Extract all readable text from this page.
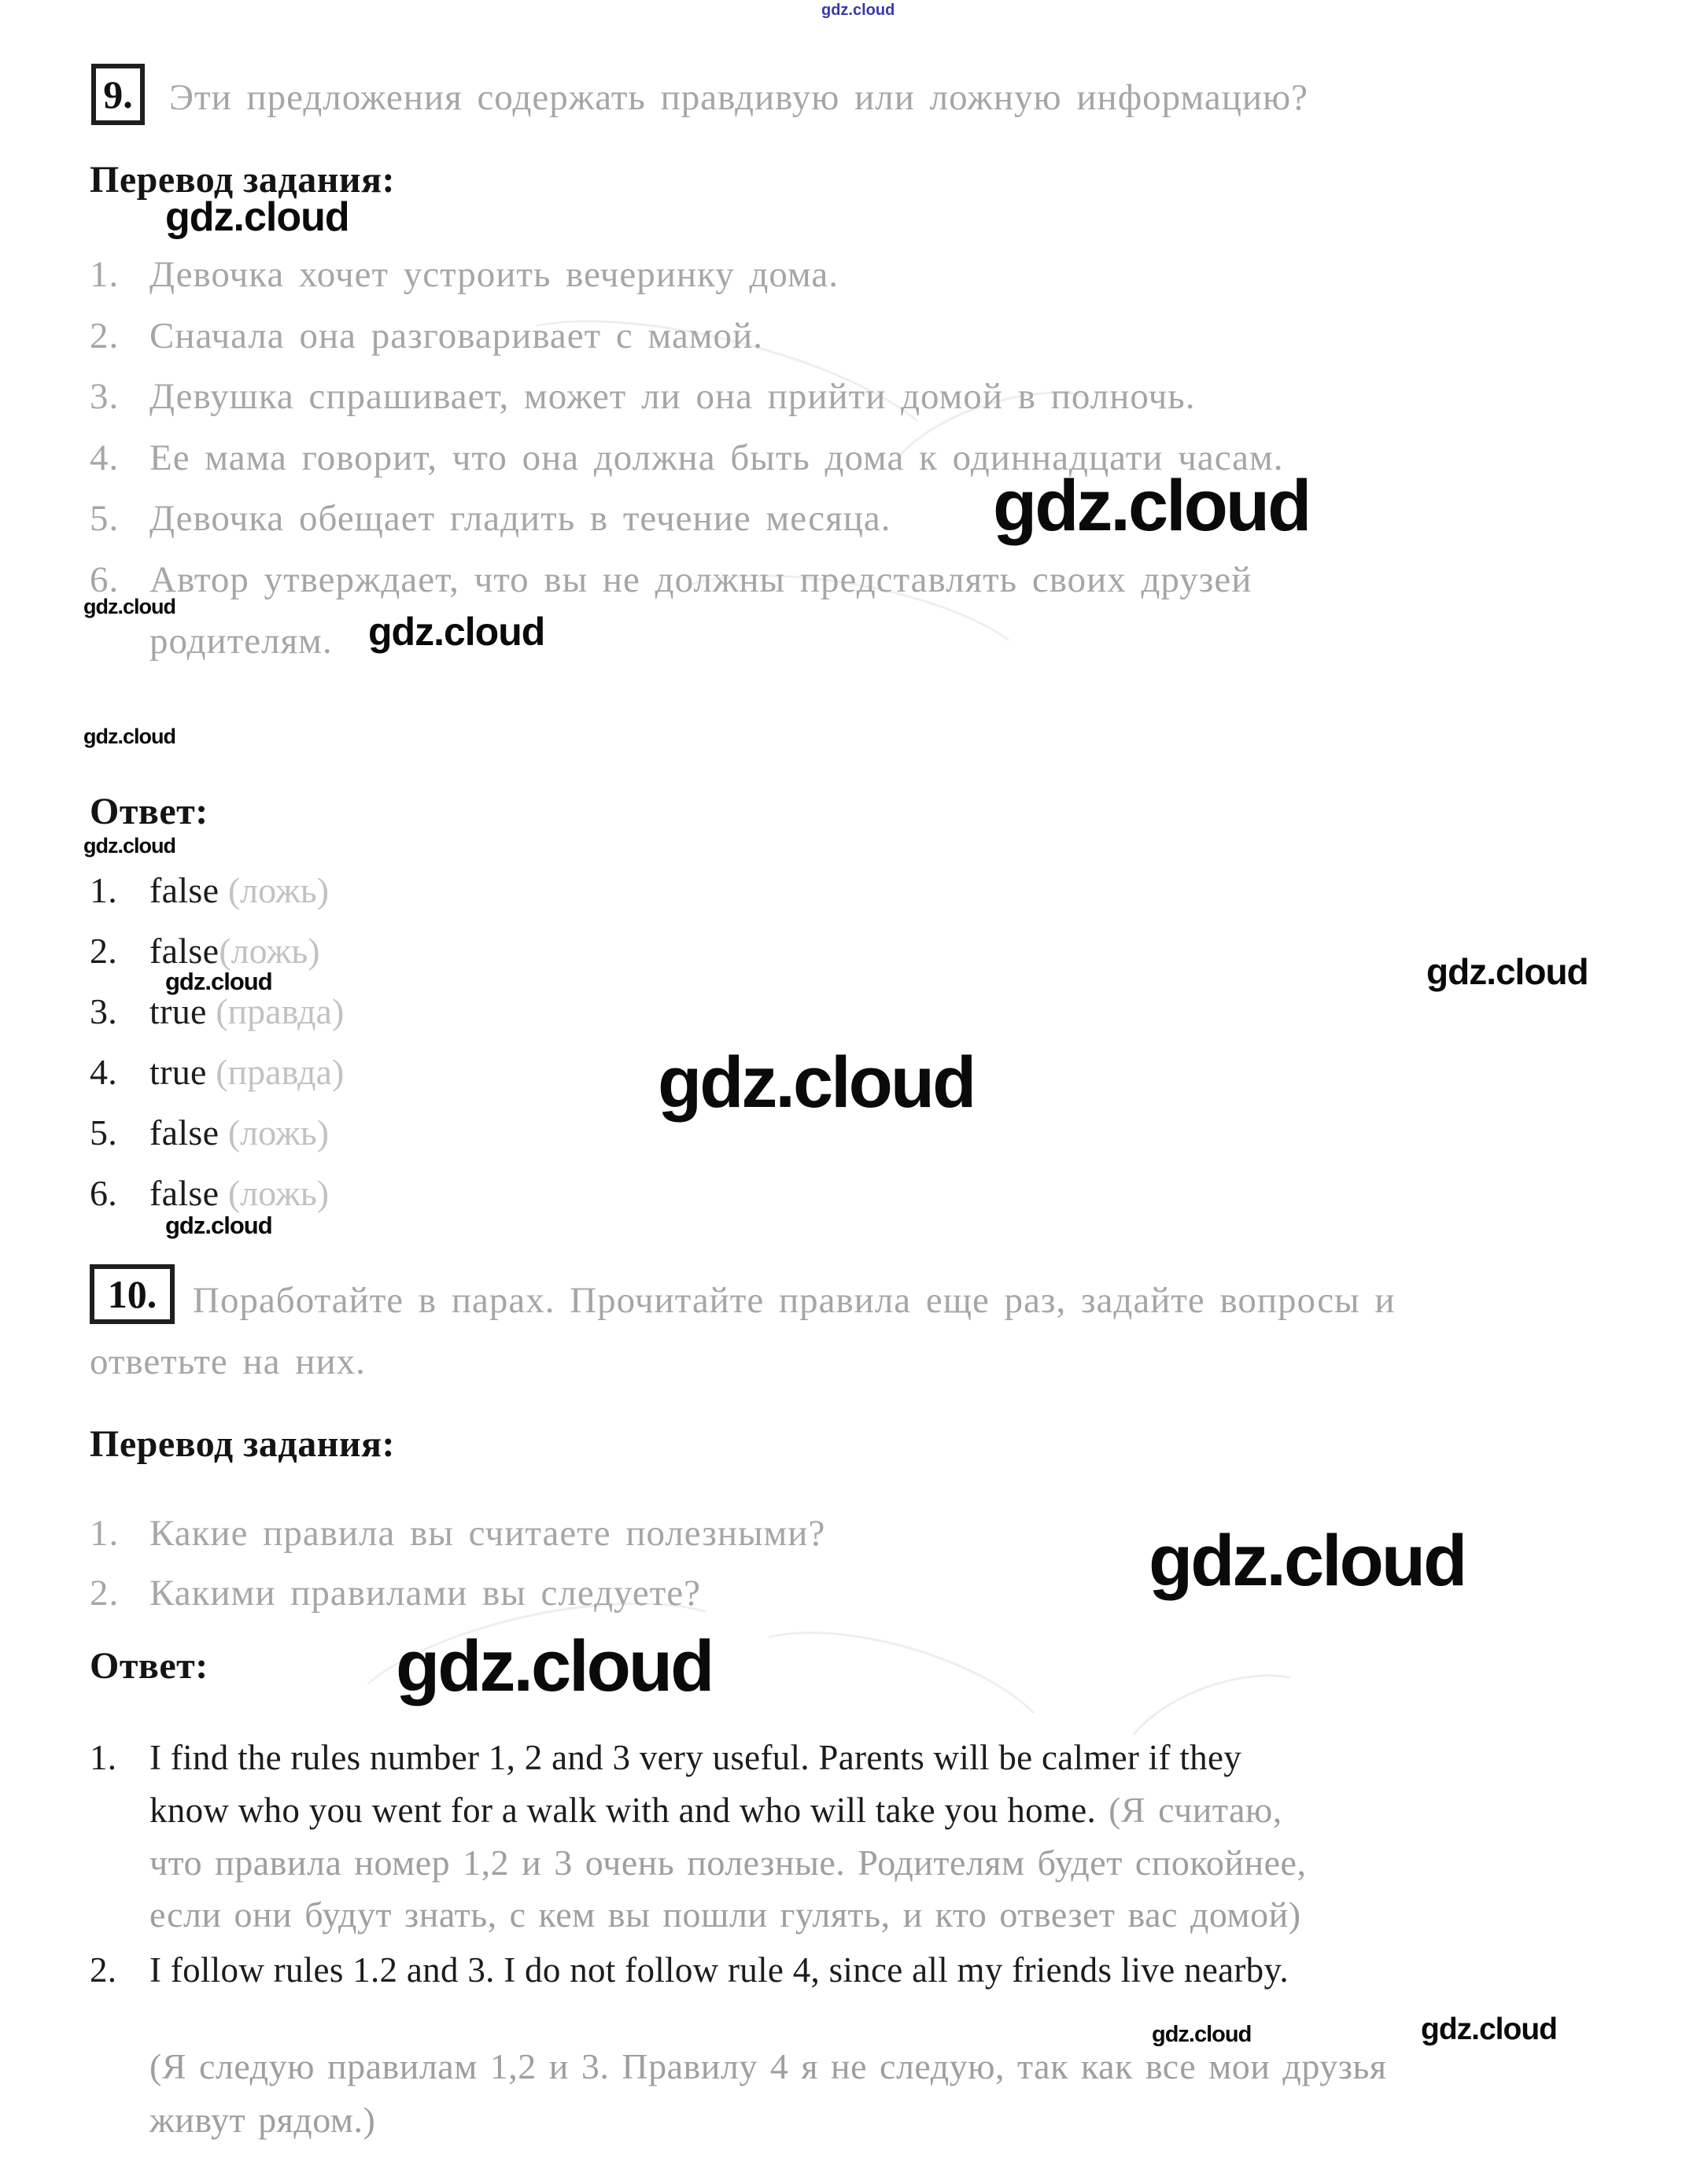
gdz.cloud
9. Эти предложения содержать правдивую или ложную информацию?
Перевод задания:
gdz.cloud
1. Девочка хочет устроить вечеринку дома.
2. Сначала она разговаривает с мамой.
3. Девушка спрашивает, может ли она прийти домой в полночь.
4. Ее мама говорит, что она должна быть дома к одиннадцати часам.
5. Девочка обещает гладить в течение месяца.
6. Автор утверждает, что вы не должны представлять своих друзей
родителям.
gdz.cloud
gdz.cloud
gdz.cloud
gdz.cloud
Ответ:
gdz.cloud
1. false (ложь)
2. false(ложь)
gdz.cloud
3. true (правда)
4. true (правда)
5. false (ложь)
6. false (ложь)
gdz.cloud
gdz.cloud
gdz.cloud
10. Поработайте в парах. Прочитайте правила еще раз, задайте вопросы и
ответьте на них.
Перевод задания:
1. Какие правила вы считаете полезными?
2. Какими правилами вы следуете?	gdz.cloud
Ответ:	gdz.cloud
1. I find the rules number 1, 2 and 3 very useful. Parents will be calmer if they
know who you went for a walk with and who will take you home. (Я считаю,
что правила номер 1,2 и 3 очень полезные. Родителям будет спокойнее,
если они будут знать, с кем вы пошли гулять, и кто отвезет вас домой)
2. I follow rules 1.2 and 3. I do not follow rule 4, since all my friends live nearby.
gdz.cloud	gdz.cloud
(Я следую правилам 1,2 и 3. Правилу 4 я не следую, так как все мои друзья
живут рядом.)
